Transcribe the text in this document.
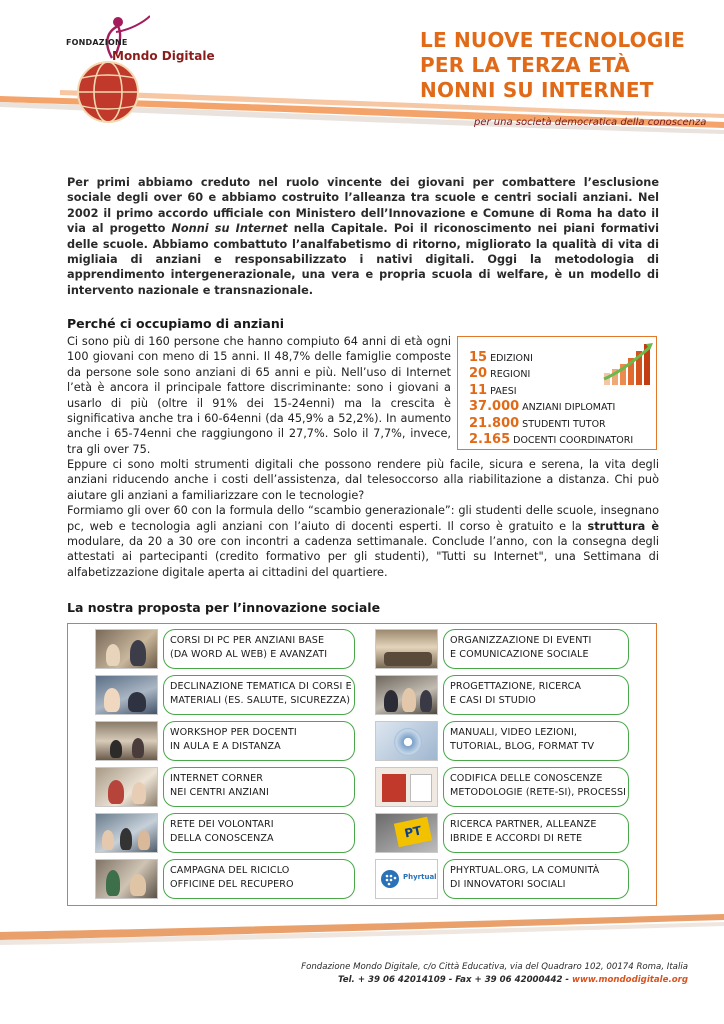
FONDAZIONE
Mondo Digitale
LE NUOVE TECNOLOGIE
PER LA TERZA ETÀ
NONNI SU INTERNET
per una società democratica della conoscenza

Per primi abbiamo creduto nel ruolo vincente dei giovani per combattere l’esclusione sociale degli over 60 e abbiamo costruito l’alleanza tra scuole e centri sociali anziani. Nel 2002 il primo accordo ufficiale con Ministero dell’Innovazione e Comune di Roma ha dato il via al progetto Nonni su Internet nella Capitale. Poi il riconoscimento nei piani formativi delle scuole. Abbiamo combattuto l’analfabetismo di ritorno, migliorato la qualità di vita di migliaia di anziani e responsabilizzato i nativi digitali. Oggi la metodologia di apprendimento intergenerazionale, una vera e propria scuola di welfare, è un modello di intervento nazionale e transnazionale.

Perché ci occupiamo di anziani

Ci sono più di 160 persone che hanno compiuto 64 anni di età ogni 100 giovani con meno di 15 anni. Il 48,7% delle famiglie composte da persone sole sono anziani di 65 anni e più. Nell’uso di Internet l’età è ancora il principale fattore discriminante: sono i giovani a usarlo di più (oltre il 91% dei 15-24enni) ma la crescita è significativa anche tra i 60-64enni (da 45,9% a 52,2%). In aumento anche i 65-74enni che raggiungono il 27,7%. Solo il 7,7%, invece, tra gli over 75.

15 EDIZIONI
20 REGIONI
11 PAESI
37.000 ANZIANI DIPLOMATI
21.800 STUDENTI TUTOR
2.165 DOCENTI COORDINATORI

Eppure ci sono molti strumenti digitali che possono rendere più facile, sicura e serena, la vita degli anziani riducendo anche i costi dell’assistenza, dal telesoccorso alla riabilitazione a distanza. Chi può aiutare gli anziani a familiarizzare con le tecnologie?

Formiamo gli over 60 con la formula dello “scambio generazionale”: gli studenti delle scuole, insegnano pc, web e tecnologia agli anziani con l’aiuto di docenti esperti. Il corso è gratuito e la struttura è modulare, da 20 a 30 ore con incontri a cadenza settimanale. Conclude l’anno, con la consegna degli attestati ai partecipanti (credito formativo per gli studenti), "Tutti su Internet", una Settimana di alfabetizzazione digitale aperta ai cittadini del quartiere.

La nostra proposta per l’innovazione sociale
CORSI DI PC PER ANZIANI BASE
(DA WORD AL WEB) E AVANZATI
DECLINAZIONE TEMATICA DI CORSI E
MATERIALI (ES. SALUTE, SICUREZZA)
WORKSHOP PER DOCENTI
IN AULA E A DISTANZA
INTERNET CORNER
NEI CENTRI ANZIANI
RETE DEI VOLONTARI
DELLA CONOSCENZA
CAMPAGNA DEL RICICLO
OFFICINE DEL RECUPERO
ORGANIZZAZIONE DI EVENTI
E COMUNICAZIONE SOCIALE
PROGETTAZIONE, RICERCA
E CASI DI STUDIO
MANUALI, VIDEO LEZIONI,
TUTORIAL, BLOG, FORMAT TV
CODIFICA DELLE CONOSCENZE
METODOLOGIE (RETE-SI), PROCESSI
PT	RICERCA PARTNER, ALLEANZE
IBRIDE E ACCORDI DI RETE
Phyrtual
PHYRTUAL.ORG, LA COMUNITÀ
DI INNOVATORI SOCIALI
Fondazione Mondo Digitale, c/o Città Educativa, via del Quadraro 102, 00174 Roma, Italia
Tel. + 39 06 42014109 - Fax + 39 06 42000442 - www.mondodigitale.org
